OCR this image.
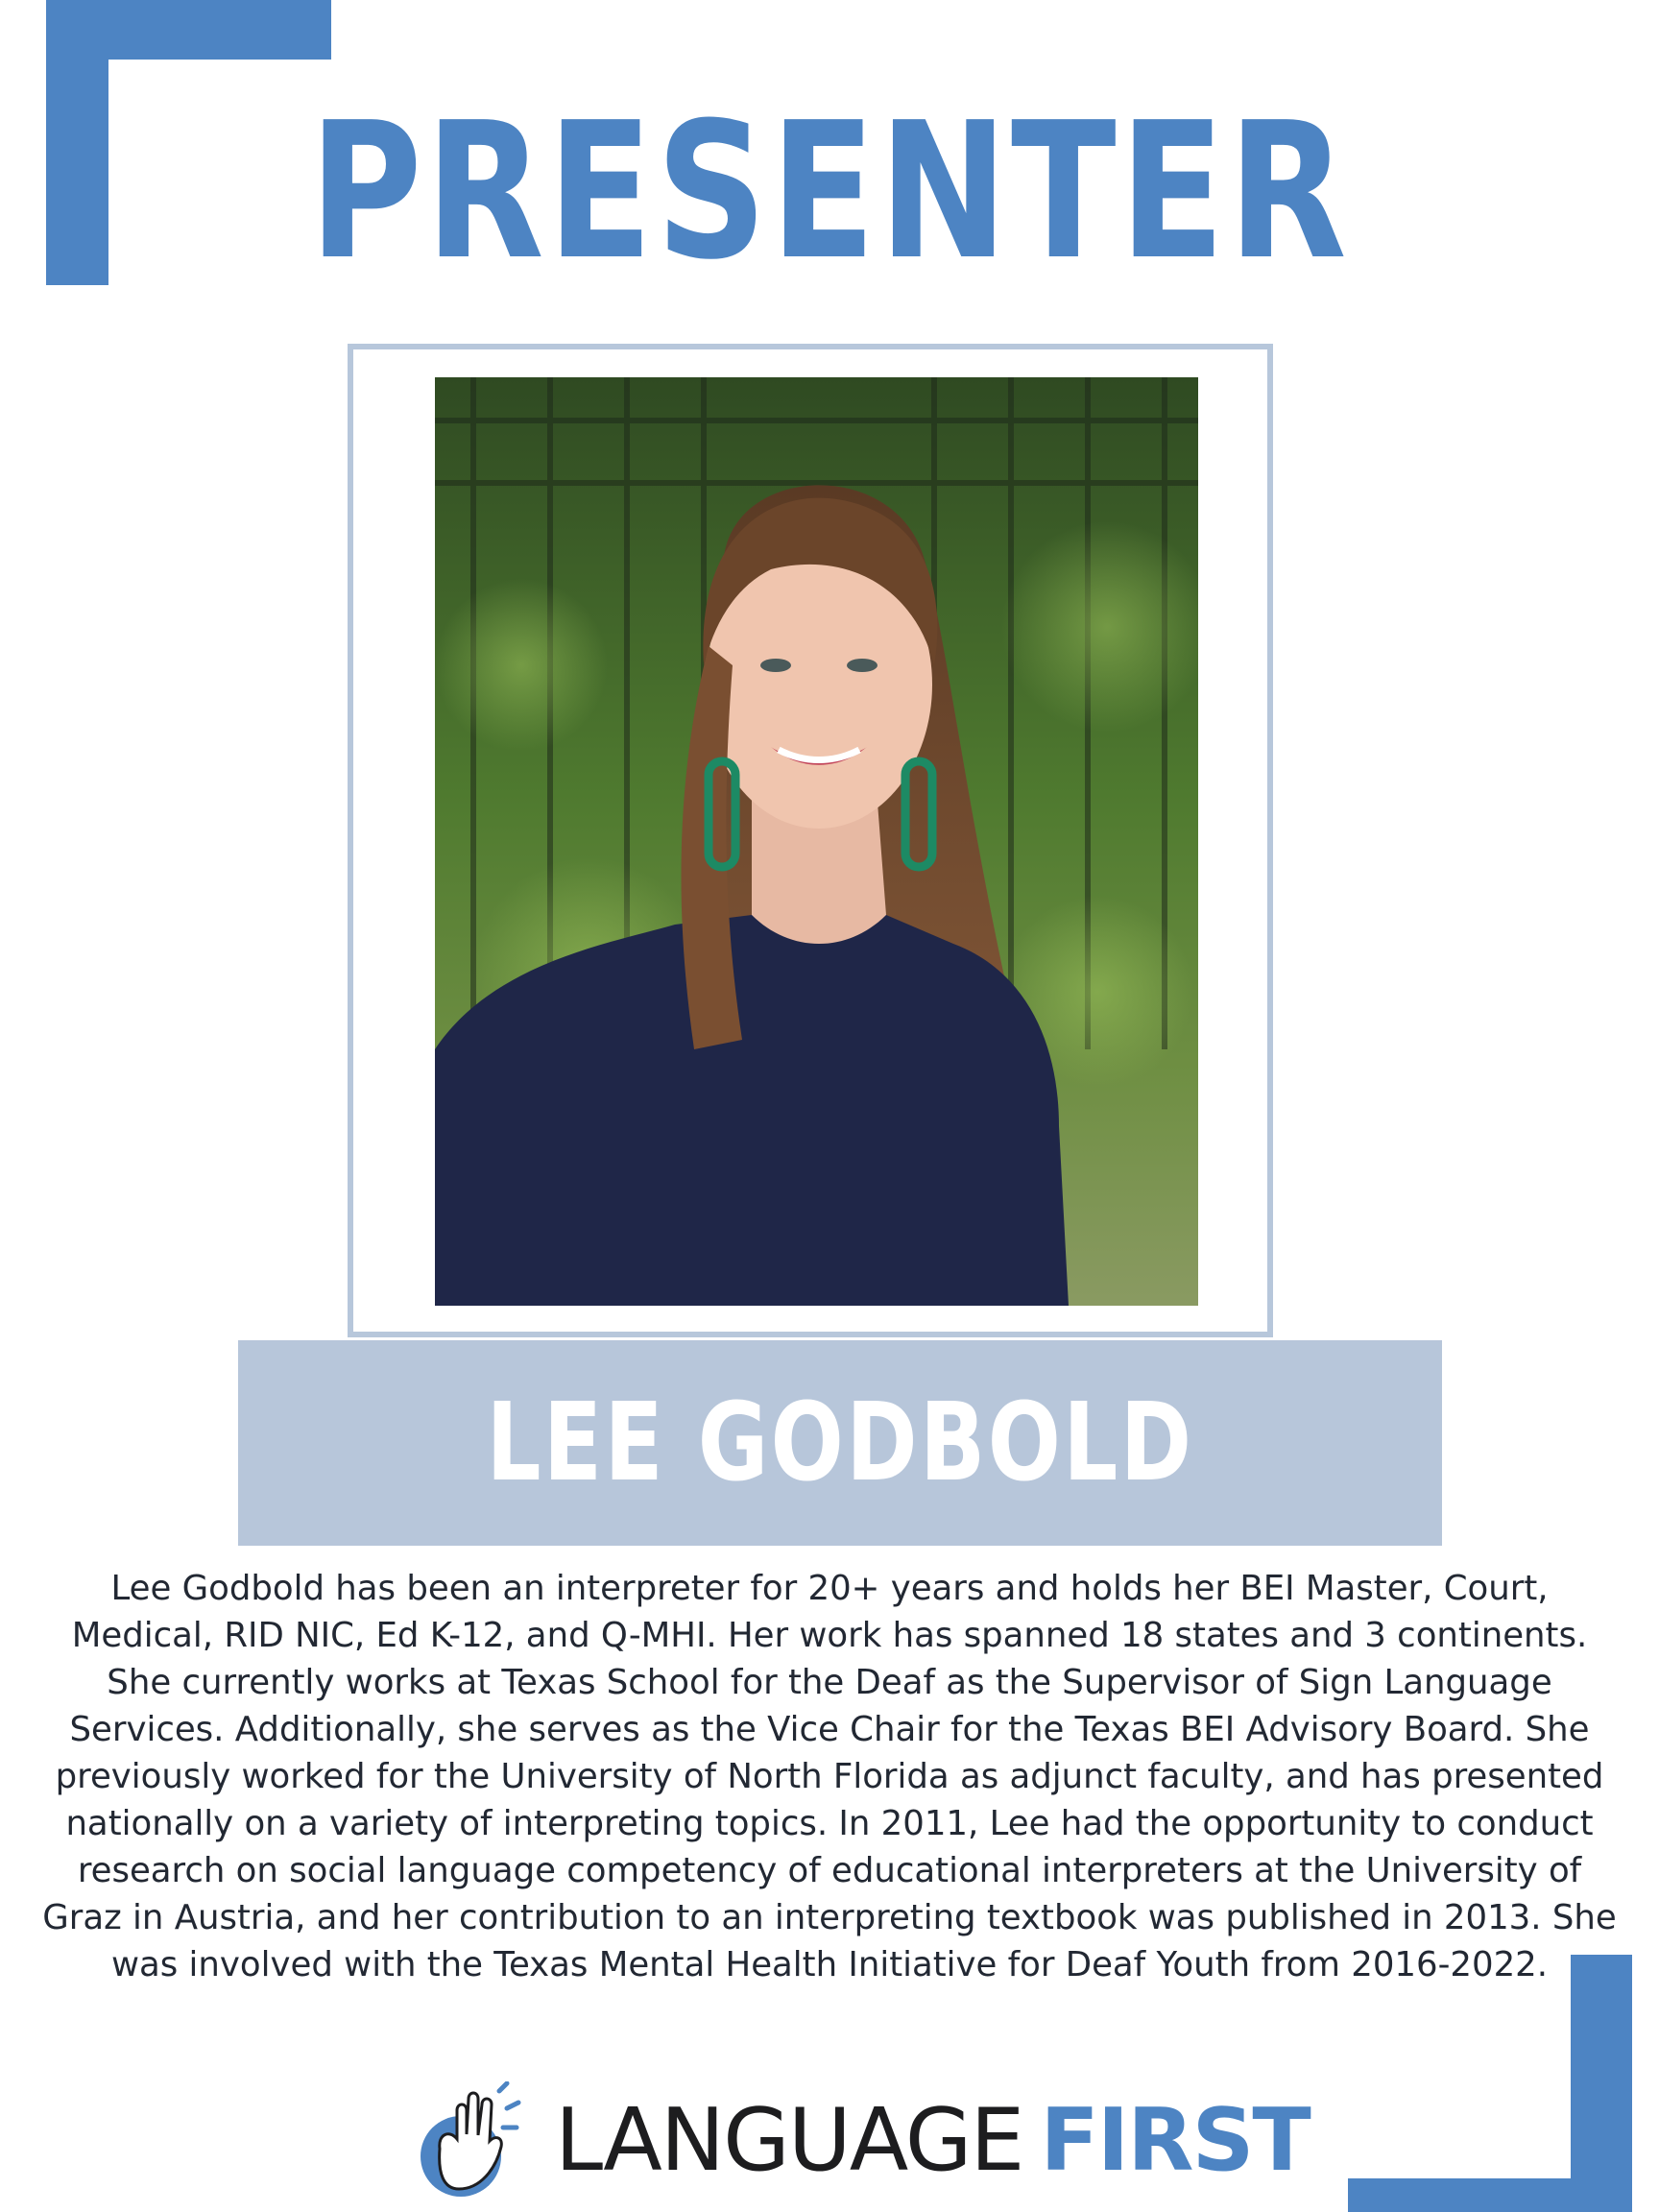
PRESENTER
LEE GODBOLD

Lee Godbold has been an interpreter for 20+ years and holds her BEI Master, Court, Medical, RID NIC, Ed K-12, and Q-MHI. Her work has spanned 18 states and 3 continents. She currently works at Texas School for the Deaf as the Supervisor of Sign Language Services. Additionally, she serves as the Vice Chair for the Texas BEI Advisory Board. She previously worked for the University of North Florida as adjunct faculty, and has presented nationally on a variety of interpreting topics. In 2011, Lee had the opportunity to conduct research on social language competency of educational interpreters at the University of Graz in Austria, and her contribution to an interpreting textbook was published in 2013. She was involved with the Texas Mental Health Initiative for Deaf Youth from 2016-2022.

LANGUAGE FIRST
